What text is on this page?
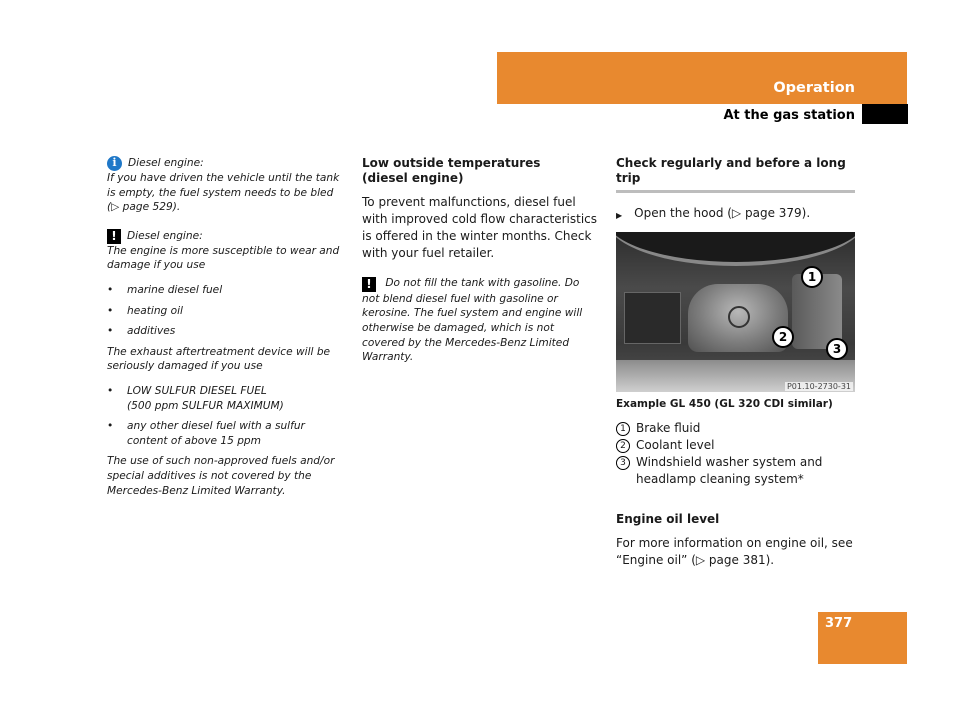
Operation
At the gas station
i	Diesel engine:

If you have driven the vehicle until the tank is empty, the fuel system needs to be bled (▷ page 529).

! Diesel engine:

The engine is more susceptible to wear and damage if you use

• marine diesel fuel
• heating oil
• additives

The exhaust aftertreatment device will be seriously damaged if you use

• LOW SULFUR DIESEL FUEL
(500 ppm SULFUR MAXIMUM)
• any other diesel fuel with a sulfur content of above 15 ppm

The use of such non-approved fuels and/or special additives is not covered by the Mercedes-Benz Limited Warranty.

Low outside temperatures
(diesel engine)

To prevent malfunctions, diesel fuel with improved cold flow characteristics is offered in the winter months. Check with your fuel retailer.

! Do not fill the tank with gasoline. Do not blend diesel fuel with gasoline or kerosine. The fuel system and engine will otherwise be damaged, which is not covered by the Mercedes-Benz Limited Warranty.

Check regularly and before a long trip

▶ Open the hood (▷ page 379).
1
2
3
P01.10-2730-31
Example GL 450 (GL 320 CDI similar)
1 Brake fluid
2 Coolant level
3 Windshield washer system and headlamp cleaning system*

Engine oil level

For more information on engine oil, see “Engine oil” (▷ page 381).

377
